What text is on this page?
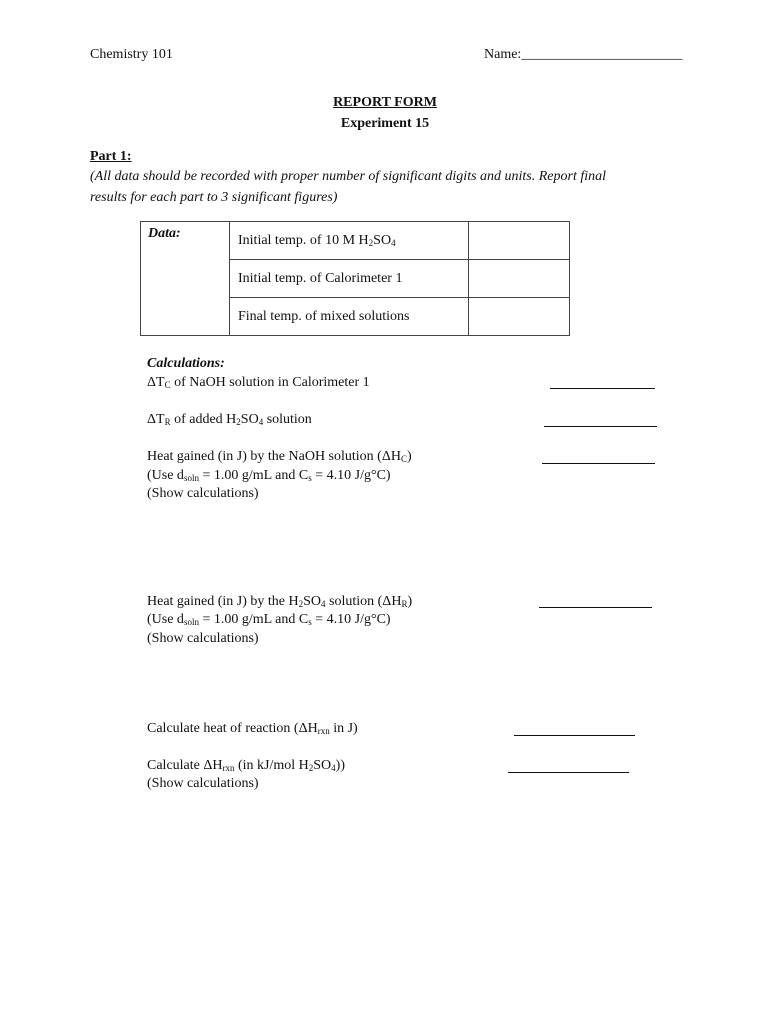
Chemistry 101	Name:_______________________
REPORT FORM
Experiment 15
Part 1:
(All data should be recorded with proper number of significant digits and units. Report final
results for each part to 3 significant figures)
Data:	Initial temp. of 10 M $H_2SO_4$	
	Initial temp. of Calorimeter 1	
	Final temp. of mixed solutions	
Calculations:
$\Delta T_C$ of NaOH solution in Calorimeter 1
$\Delta T_R$ of added $H_2SO_4$ solution
Heat gained (in J) by the NaOH solution $(\Delta H_C)$
(Use $d_{soln} = 1.00$ g/mL and $C_s = 4.10$ J/g°C)
(Show calculations)
Heat gained (in J) by the $H_2SO_4$ solution $(\Delta H_R)$
(Use $d_{soln} = 1.00$ g/mL and $C_s = 4.10$ J/g°C)
(Show calculations)
Calculate heat of reaction ($\Delta H_{rxn}$ in J)
Calculate $\Delta H_{rxn}$ (in kJ/mol $H_2SO_4$))
(Show calculations)
